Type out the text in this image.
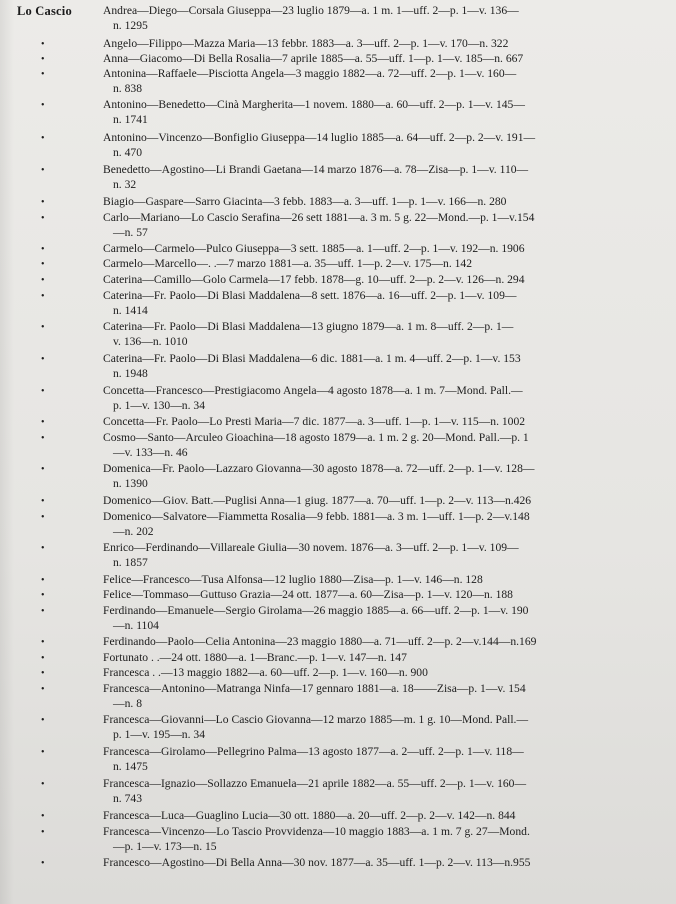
Lo Cascio	Andrea—Diego—Corsala Giuseppa—23 luglio 1879—a. 1 m. 1—uff. 2—p. 1—v. 136—
n. 1295
•	Angelo—Filippo—Mazza Maria—13 febbr. 1883—a. 3—uff. 2—p. 1—v. 170—n. 322
•	Anna—Giacomo—Di Bella Rosalia—7 aprile 1885—a. 55—uff. 1—p. 1—v. 185—n. 667
•	Antonina—Raffaele—Pisciotta Angela—3 maggio 1882—a. 72—uff. 2—p. 1—v. 160—
n. 838
•	Antonino—Benedetto—Cinà Margherita—1 novem. 1880—a. 60—uff. 2—p. 1—v. 145—
n. 1741
•	Antonino—Vincenzo—Bonfiglio Giuseppa—14 luglio 1885—a. 64—uff. 2—p. 2—v. 191—
n. 470
•	Benedetto—Agostino—Li Brandi Gaetana—14 marzo 1876—a. 78—Zisa—p. 1—v. 110—
n. 32
•	Biagio—Gaspare—Sarro Giacinta—3 febb. 1883—a. 3—uff. 1—p. 1—v. 166—n. 280
•	Carlo—Mariano—Lo Cascio Serafina—26 sett 1881—a. 3 m. 5 g. 22—Mond.—p. 1—v.154
—n. 57
•	Carmelo—Carmelo—Pulco Giuseppa—3 sett. 1885—a. 1—uff. 2—p. 1—v. 192—n. 1906
•	Carmelo—Marcello—. .—7 marzo 1881—a. 35—uff. 1—p. 2—v. 175—n. 142
•	Caterina—Camillo—Golo Carmela—17 febb. 1878—g. 10—uff. 2—p. 2—v. 126—n. 294
•	Caterina—Fr. Paolo—Di Blasi Maddalena—8 sett. 1876—a. 16—uff. 2—p. 1—v. 109—
n. 1414
•	Caterina—Fr. Paolo—Di Blasi Maddalena—13 giugno 1879—a. 1 m. 8—uff. 2—p. 1—
v. 136—n. 1010
•	Caterina—Fr. Paolo—Di Blasi Maddalena—6 dic. 1881—a. 1 m. 4—uff. 2—p. 1—v. 153
n. 1948
•	Concetta—Francesco—Prestigiacomo Angela—4 agosto 1878—a. 1 m. 7—Mond. Pall.—
p. 1—v. 130—n. 34
•	Concetta—Fr. Paolo—Lo Presti Maria—7 dic. 1877—a. 3—uff. 1—p. 1—v. 115—n. 1002
•	Cosmo—Santo—Arculeo Gioachina—18 agosto 1879—a. 1 m. 2 g. 20—Mond. Pall.—p. 1
—v. 133—n. 46
•	Domenica—Fr. Paolo—Lazzaro Giovanna—30 agosto 1878—a. 72—uff. 2—p. 1—v. 128—
n. 1390
•	Domenico—Giov. Batt.—Puglisi Anna—1 giug. 1877—a. 70—uff. 1—p. 2—v. 113—n.426
•	Domenico—Salvatore—Fiammetta Rosalia—9 febb. 1881—a. 3 m. 1—uff. 1—p. 2—v.148
—n. 202
•	Enrico—Ferdinando—Villareale Giulia—30 novem. 1876—a. 3—uff. 2—p. 1—v. 109—
n. 1857
•	Felice—Francesco—Tusa Alfonsa—12 luglio 1880—Zisa—p. 1—v. 146—n. 128
•	Felice—Tommaso—Guttuso Grazia—24 ott. 1877—a. 60—Zisa—p. 1—v. 120—n. 188
•	Ferdinando—Emanuele—Sergio Girolama—26 maggio 1885—a. 66—uff. 2—p. 1—v. 190
—n. 1104
•	Ferdinando—Paolo—Celia Antonina—23 maggio 1880—a. 71—uff. 2—p. 2—v.144—n.169
•	Fortunato . .—24 ott. 1880—a. 1—Branc.—p. 1—v. 147—n. 147
•	Francesca . .—13 maggio 1882—a. 60—uff. 2—p. 1—v. 160—n. 900
•	Francesca—Antonino—Matranga Ninfa—17 gennaro 1881—a. 18——Zisa—p. 1—v. 154
—n. 8
•	Francesca—Giovanni—Lo Cascio Giovanna—12 marzo 1885—m. 1 g. 10—Mond. Pall.—
p. 1—v. 195—n. 34
•	Francesca—Girolamo—Pellegrino Palma—13 agosto 1877—a. 2—uff. 2—p. 1—v. 118—
n. 1475
•	Francesca—Ignazio—Sollazzo Emanuela—21 aprile 1882—a. 55—uff. 2—p. 1—v. 160—
n. 743
•	Francesca—Luca—Guaglino Lucia—30 ott. 1880—a. 20—uff. 2—p. 2—v. 142—n. 844
•	Francesca—Vincenzo—Lo Tascio Provvidenza—10 maggio 1883—a. 1 m. 7 g. 27—Mond.
—p. 1—v. 173—n. 15
•	Francesco—Agostino—Di Bella Anna—30 nov. 1877—a. 35—uff. 1—p. 2—v. 113—n.955
